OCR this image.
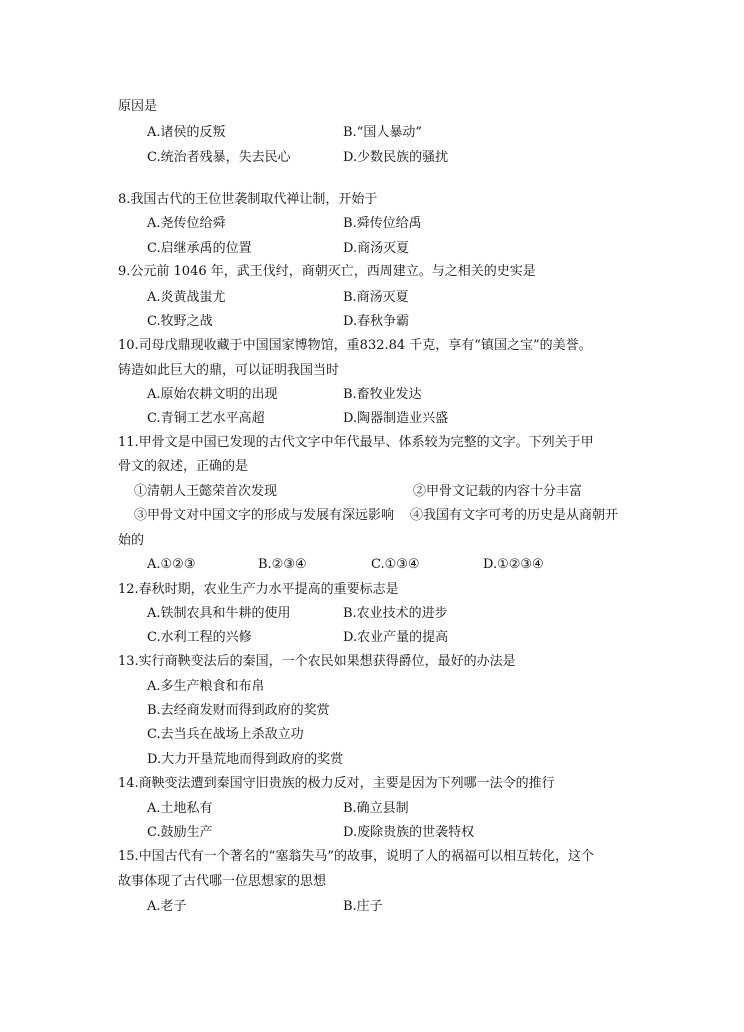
原因是
A.诸侯的反叛	B.“国人暴动”
C.统治者残暴，失去民心	D.少数民族的骚扰
8.我国古代的王位世袭制取代禅让制，开始于
A.尧传位给舜	B.舜传位给禹
C.启继承禹的位置	D.商汤灭夏
9.公元前 1046 年，武王伐纣，商朝灭亡，西周建立。与之相关的史实是
A.炎黄战蚩尤	B.商汤灭夏
C.牧野之战	D.春秋争霸
10.司母戊鼎现收藏于中国国家博物馆，重832.84 千克，享有“镇国之宝”的美誉。
铸造如此巨大的鼎，可以证明我国当时
A.原始农耕文明的出现	B.畜牧业发达
C.青铜工艺水平高超	D.陶器制造业兴盛
11.甲骨文是中国已发现的古代文字中年代最早、体系较为完整的文字。下列关于甲
骨文的叙述，正确的是
①清朝人王懿荣首次发现	②甲骨文记载的内容十分丰富
③甲骨文对中国文字的形成与发展有深远影响 ④我国有文字可考的历史是从商朝开
始的
A.①②③	B.②③④	C.①③④	D.①②③④
12.春秋时期，农业生产力水平提高的重要标志是
A.铁制农具和牛耕的使用	B.农业技术的进步
C.水利工程的兴修	D.农业产量的提高
13.实行商鞅变法后的秦国，一个农民如果想获得爵位，最好的办法是
A.多生产粮食和布帛
B.去经商发财而得到政府的奖赏
C.去当兵在战场上杀敌立功
D.大力开垦荒地而得到政府的奖赏
14.商鞅变法遭到秦国守旧贵族的极力反对，主要是因为下列哪一法令的推行
A.土地私有	B.确立县制
C.鼓励生产	D.废除贵族的世袭特权
15.中国古代有一个著名的“塞翁失马”的故事，说明了人的祸福可以相互转化，这个
故事体现了古代哪一位思想家的思想
A.老子	B.庄子
